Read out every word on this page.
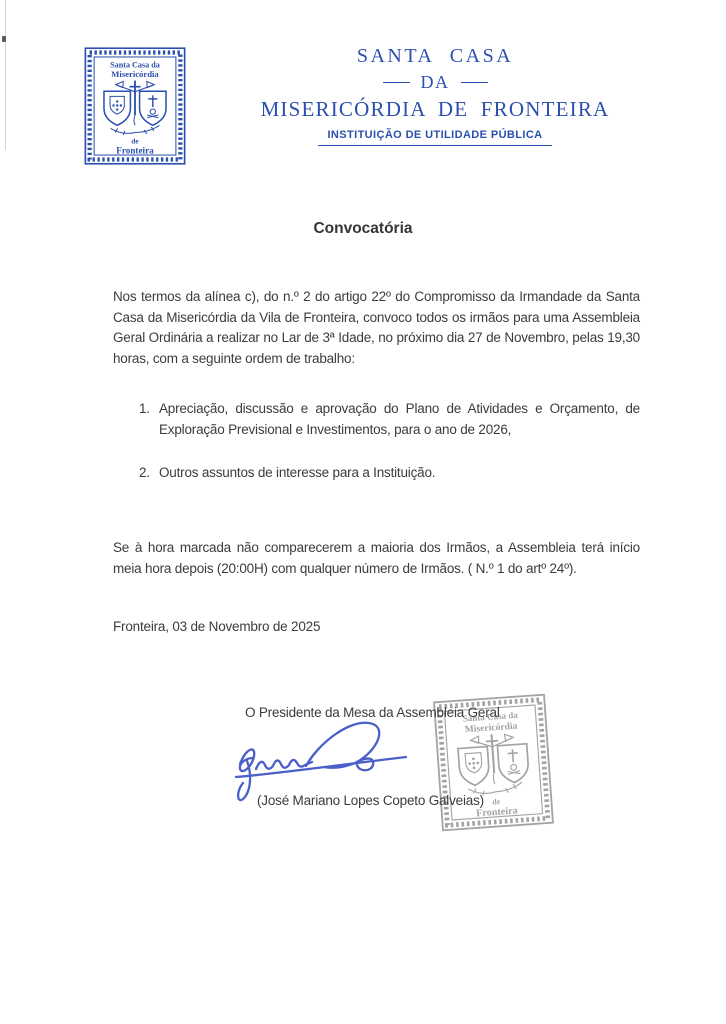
SANTA CASA
DA
MISERICÓRDIA DE FRONTEIRA
INSTITUIÇÃO DE UTILIDADE PÚBLICA
Convocatória

Nos termos da alínea c), do n.º 2 do artigo 22º do Compromisso da Irmandade da Santa Casa da Misericórdia da Vila de Fronteira, convoco todos os irmãos para uma Assembleia Geral Ordinária a realizar no Lar de 3ª Idade, no próximo dia 27 de Novembro, pelas 19,30 horas, com a seguinte ordem de trabalho:

1. Apreciação, discussão e aprovação do Plano de Atividades e Orçamento, de Exploração Previsional e Investimentos, para o ano de 2026,
2. Outros assuntos de interesse para a Instituição.

Se à hora marcada não comparecerem a maioria dos Irmãos, a Assembleia terá início meia hora depois (20:00H) com qualquer número de Irmãos. ( N.º 1 do artº 24º).

Fronteira, 03 de Novembro de 2025

O Presidente da Mesa da Assembleia Geral

(José Mariano Lopes Copeto Galveias)
